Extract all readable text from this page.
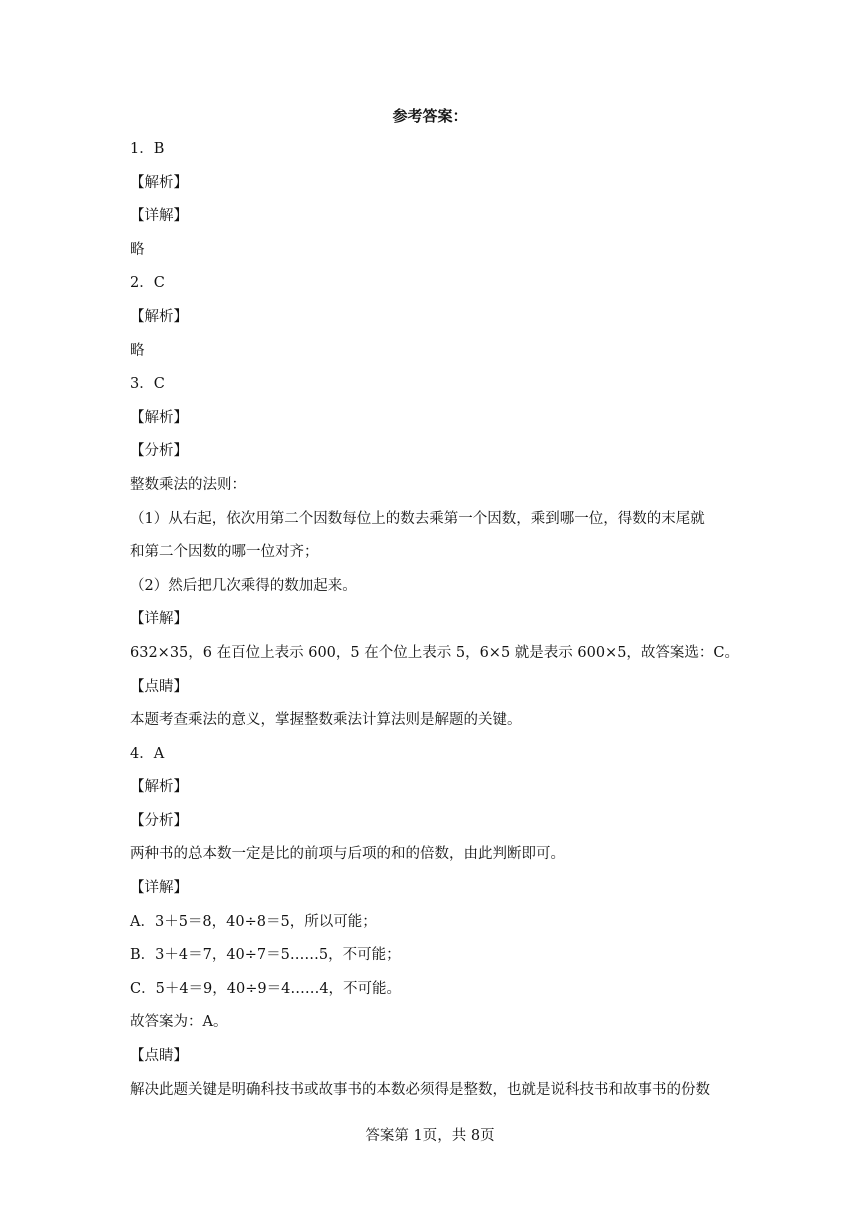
参考答案：
1．B
【解析】
【详解】
略
2．C
【解析】
略
3．C
【解析】
【分析】
整数乘法的法则：
（1）从右起，依次用第二个因数每位上的数去乘第一个因数，乘到哪一位，得数的末尾就
和第二个因数的哪一位对齐；
（2）然后把几次乘得的数加起来。
【详解】
632×35，6 在百位上表示 600，5 在个位上表示 5，6×5 就是表示 600×5，故答案选：C。
【点睛】
本题考查乘法的意义，掌握整数乘法计算法则是解题的关键。
4．A
【解析】
【分析】
两种书的总本数一定是比的前项与后项的和的倍数，由此判断即可。
【详解】
A．3＋5＝8，40÷8＝5，所以可能；
B．3＋4＝7，40÷7＝5……5，不可能；
C．5＋4＝9，40÷9＝4……4，不可能。
故答案为：A。
【点睛】
解决此题关键是明确科技书或故事书的本数必须得是整数，也就是说科技书和故事书的份数
答案第 1页，共 8页
